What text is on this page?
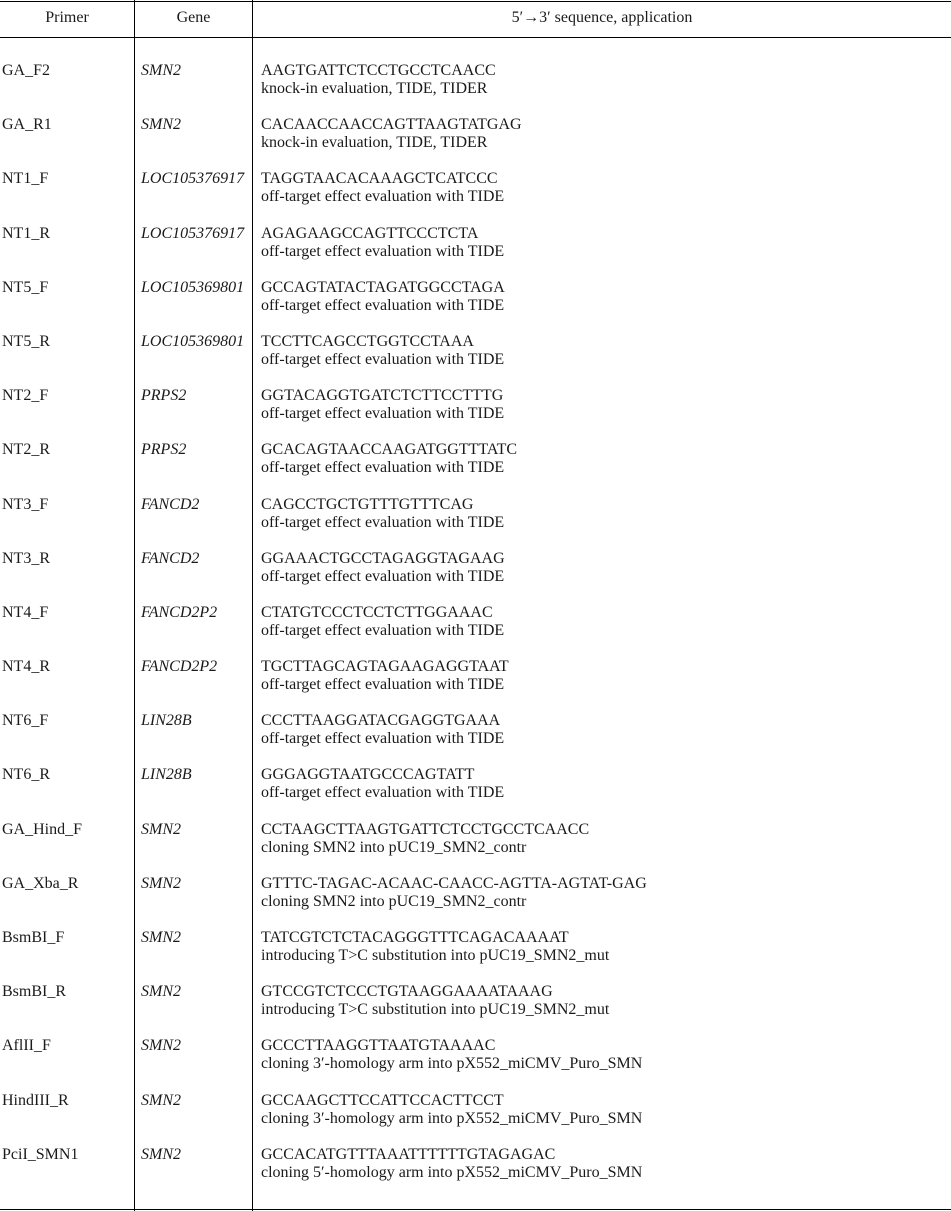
Primer	Gene	5′→3′ sequence, application
GA_F2	SMN2	AAGTGATTCTCCTGCCTCAACC
knock-in evaluation, TIDE, TIDER
GA_R1	SMN2	CACAACCAACCAGTTAAGTATGAG
knock-in evaluation, TIDE, TIDER
NT1_F	LOC105376917 TAGGTAACACAAAGCTCATCCC
off-target effect evaluation with TIDE
NT1_R	LOC105376917 AGAGAAGCCAGTTCCCTCTA
off-target effect evaluation with TIDE
NT5_F	LOC105369801 GCCAGTATACTAGATGGCCTAGA
off-target effect evaluation with TIDE
NT5_R	LOC105369801 TCCTTCAGCCTGGTCCTAAA
off-target effect evaluation with TIDE
NT2_F	PRPS2	GGTACAGGTGATCTCTTCCTTTG
off-target effect evaluation with TIDE
NT2_R	PRPS2	GCACAGTAACCAAGATGGTTTATC
off-target effect evaluation with TIDE
NT3_F	FANCD2	CAGCCTGCTGTTTGTTTCAG
off-target effect evaluation with TIDE
NT3_R	FANCD2	GGAAACTGCCTAGAGGTAGAAG
off-target effect evaluation with TIDE
NT4_F	FANCD2P2	CTATGTCCCTCCTCTTGGAAAC
off-target effect evaluation with TIDE
NT4_R	FANCD2P2	TGCTTAGCAGTAGAAGAGGTAAT
off-target effect evaluation with TIDE
NT6_F	LIN28B	CCCTTAAGGATACGAGGTGAAA
off-target effect evaluation with TIDE
NT6_R	LIN28B	GGGAGGTAATGCCCAGTATT
off-target effect evaluation with TIDE
GA_Hind_F	SMN2	CCTAAGCTTAAGTGATTCTCCTGCCTCAACC
cloning SMN2 into pUC19_SMN2_contr
GA_Xba_R	SMN2	GTTTC-TAGAC-ACAAC-CAACC-AGTTA-AGTAT-GAG
cloning SMN2 into pUC19_SMN2_contr
BsmBI_F	SMN2	TATCGTCTCTACAGGGTTTCAGACAAAAT
introducing T>C substitution into pUC19_SMN2_mut
BsmBI_R	SMN2	GTCCGTCTCCCTGTAAGGAAAATAAAG
introducing T>C substitution into pUC19_SMN2_mut
AflII_F	SMN2	GCCCTTAAGGTTAATGTAAAAC
cloning 3′-homology arm into pX552_miCMV_Puro_SMN
HindIII_R	SMN2	GCCAAGCTTCCATTCCACTTCCT
cloning 3′-homology arm into pX552_miCMV_Puro_SMN
PciI_SMN1	SMN2	GCCACATGTTTAAATTTTTTGTAGAGAC
cloning 5′-homology arm into pX552_miCMV_Puro_SMN
